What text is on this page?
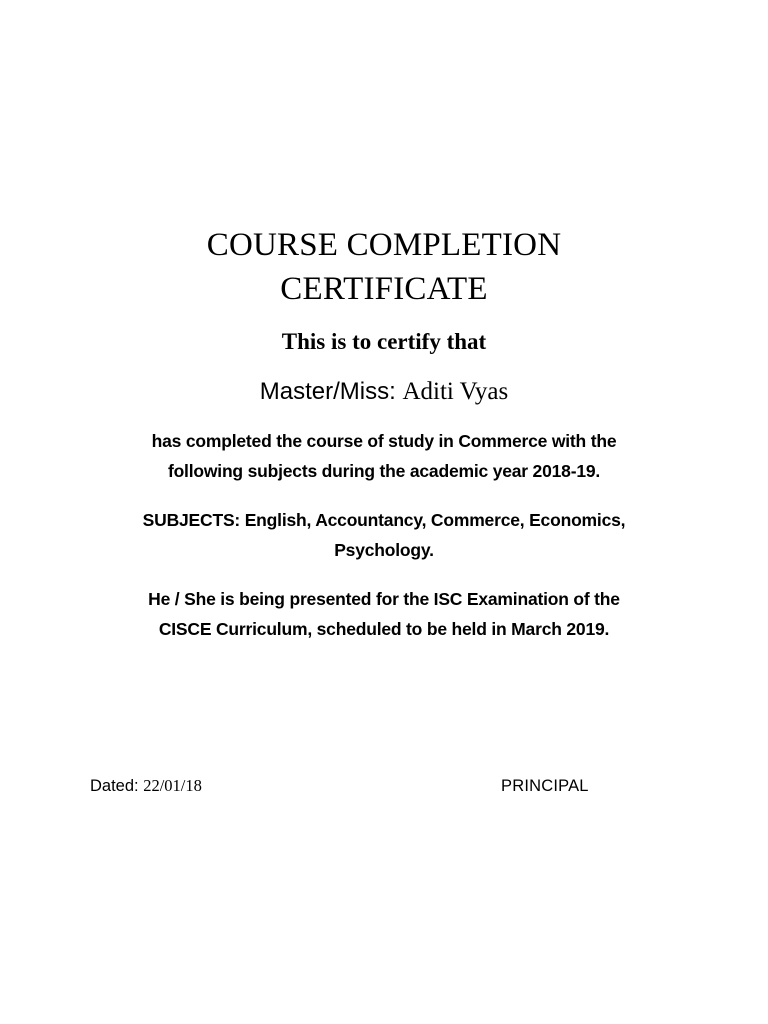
COURSE COMPLETION
CERTIFICATE
This is to certify that
Master/Miss: Aditi Vyas
has completed the course of study in Commerce with the
following subjects during the academic year 2018-19.
SUBJECTS: English, Accountancy, Commerce, Economics,
Psychology.
He / She is being presented for the ISC Examination of the
CISCE Curriculum, scheduled to be held in March 2019.
Dated: 22/01/18	PRINCIPAL
